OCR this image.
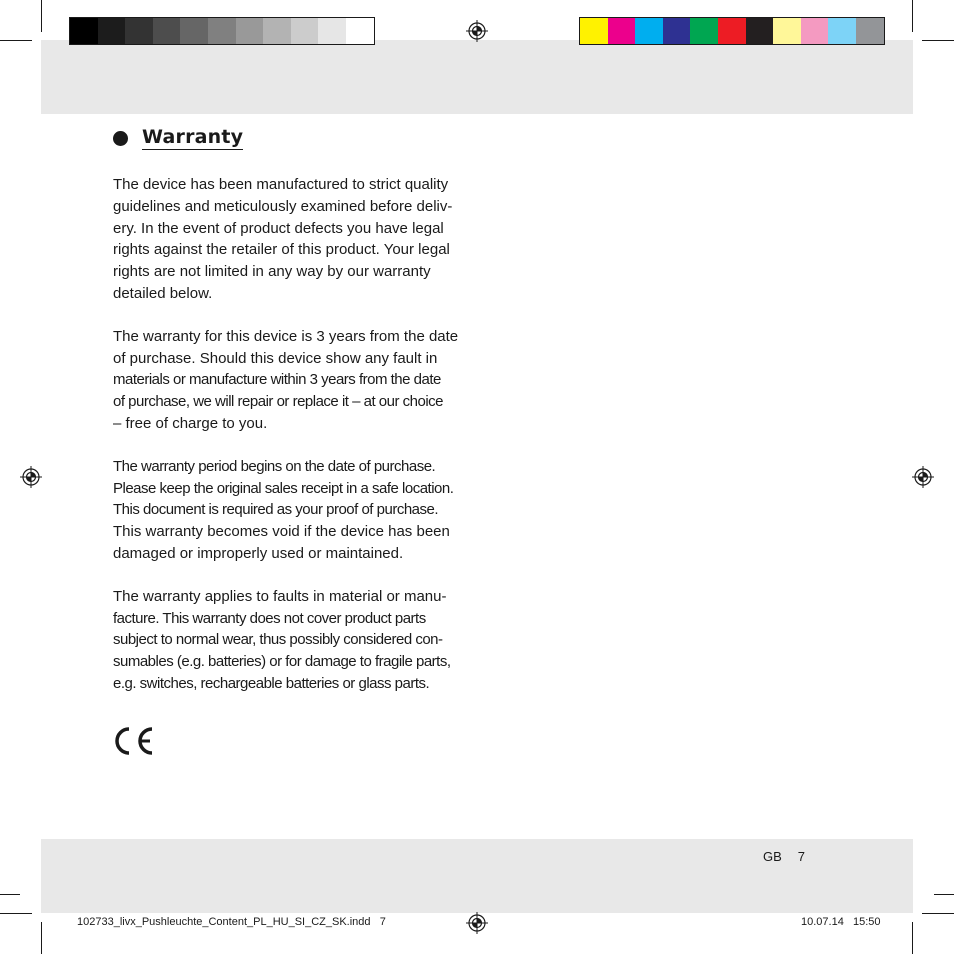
Warranty

The device has been manufactured to strict quality
guidelines and meticulously examined before deliv-
ery. In the event of product defects you have legal
rights against the retailer of this product. Your legal
rights are not limited in any way by our warranty
detailed below.

The warranty for this device is 3 years from the date
of purchase. Should this device show any fault in
materials or manufacture within 3 years from the date
of purchase, we will repair or replace it – at our choice
– free of charge to you.

The warranty period begins on the date of purchase.
Please keep the original sales receipt in a safe location.
This document is required as your proof of purchase.
This warranty becomes void if the device has been
damaged or improperly used or maintained.

The warranty applies to faults in material or manu-
facture. This warranty does not cover product parts
subject to normal wear, thus possibly considered con-
sumables (e.g. batteries) or for damage to fragile parts,
e.g. switches, rechargeable batteries or glass parts.

GB 7
102733_livx_Pushleuchte_Content_PL_HU_SI_CZ_SK.indd   7	10.07.14   15:50
